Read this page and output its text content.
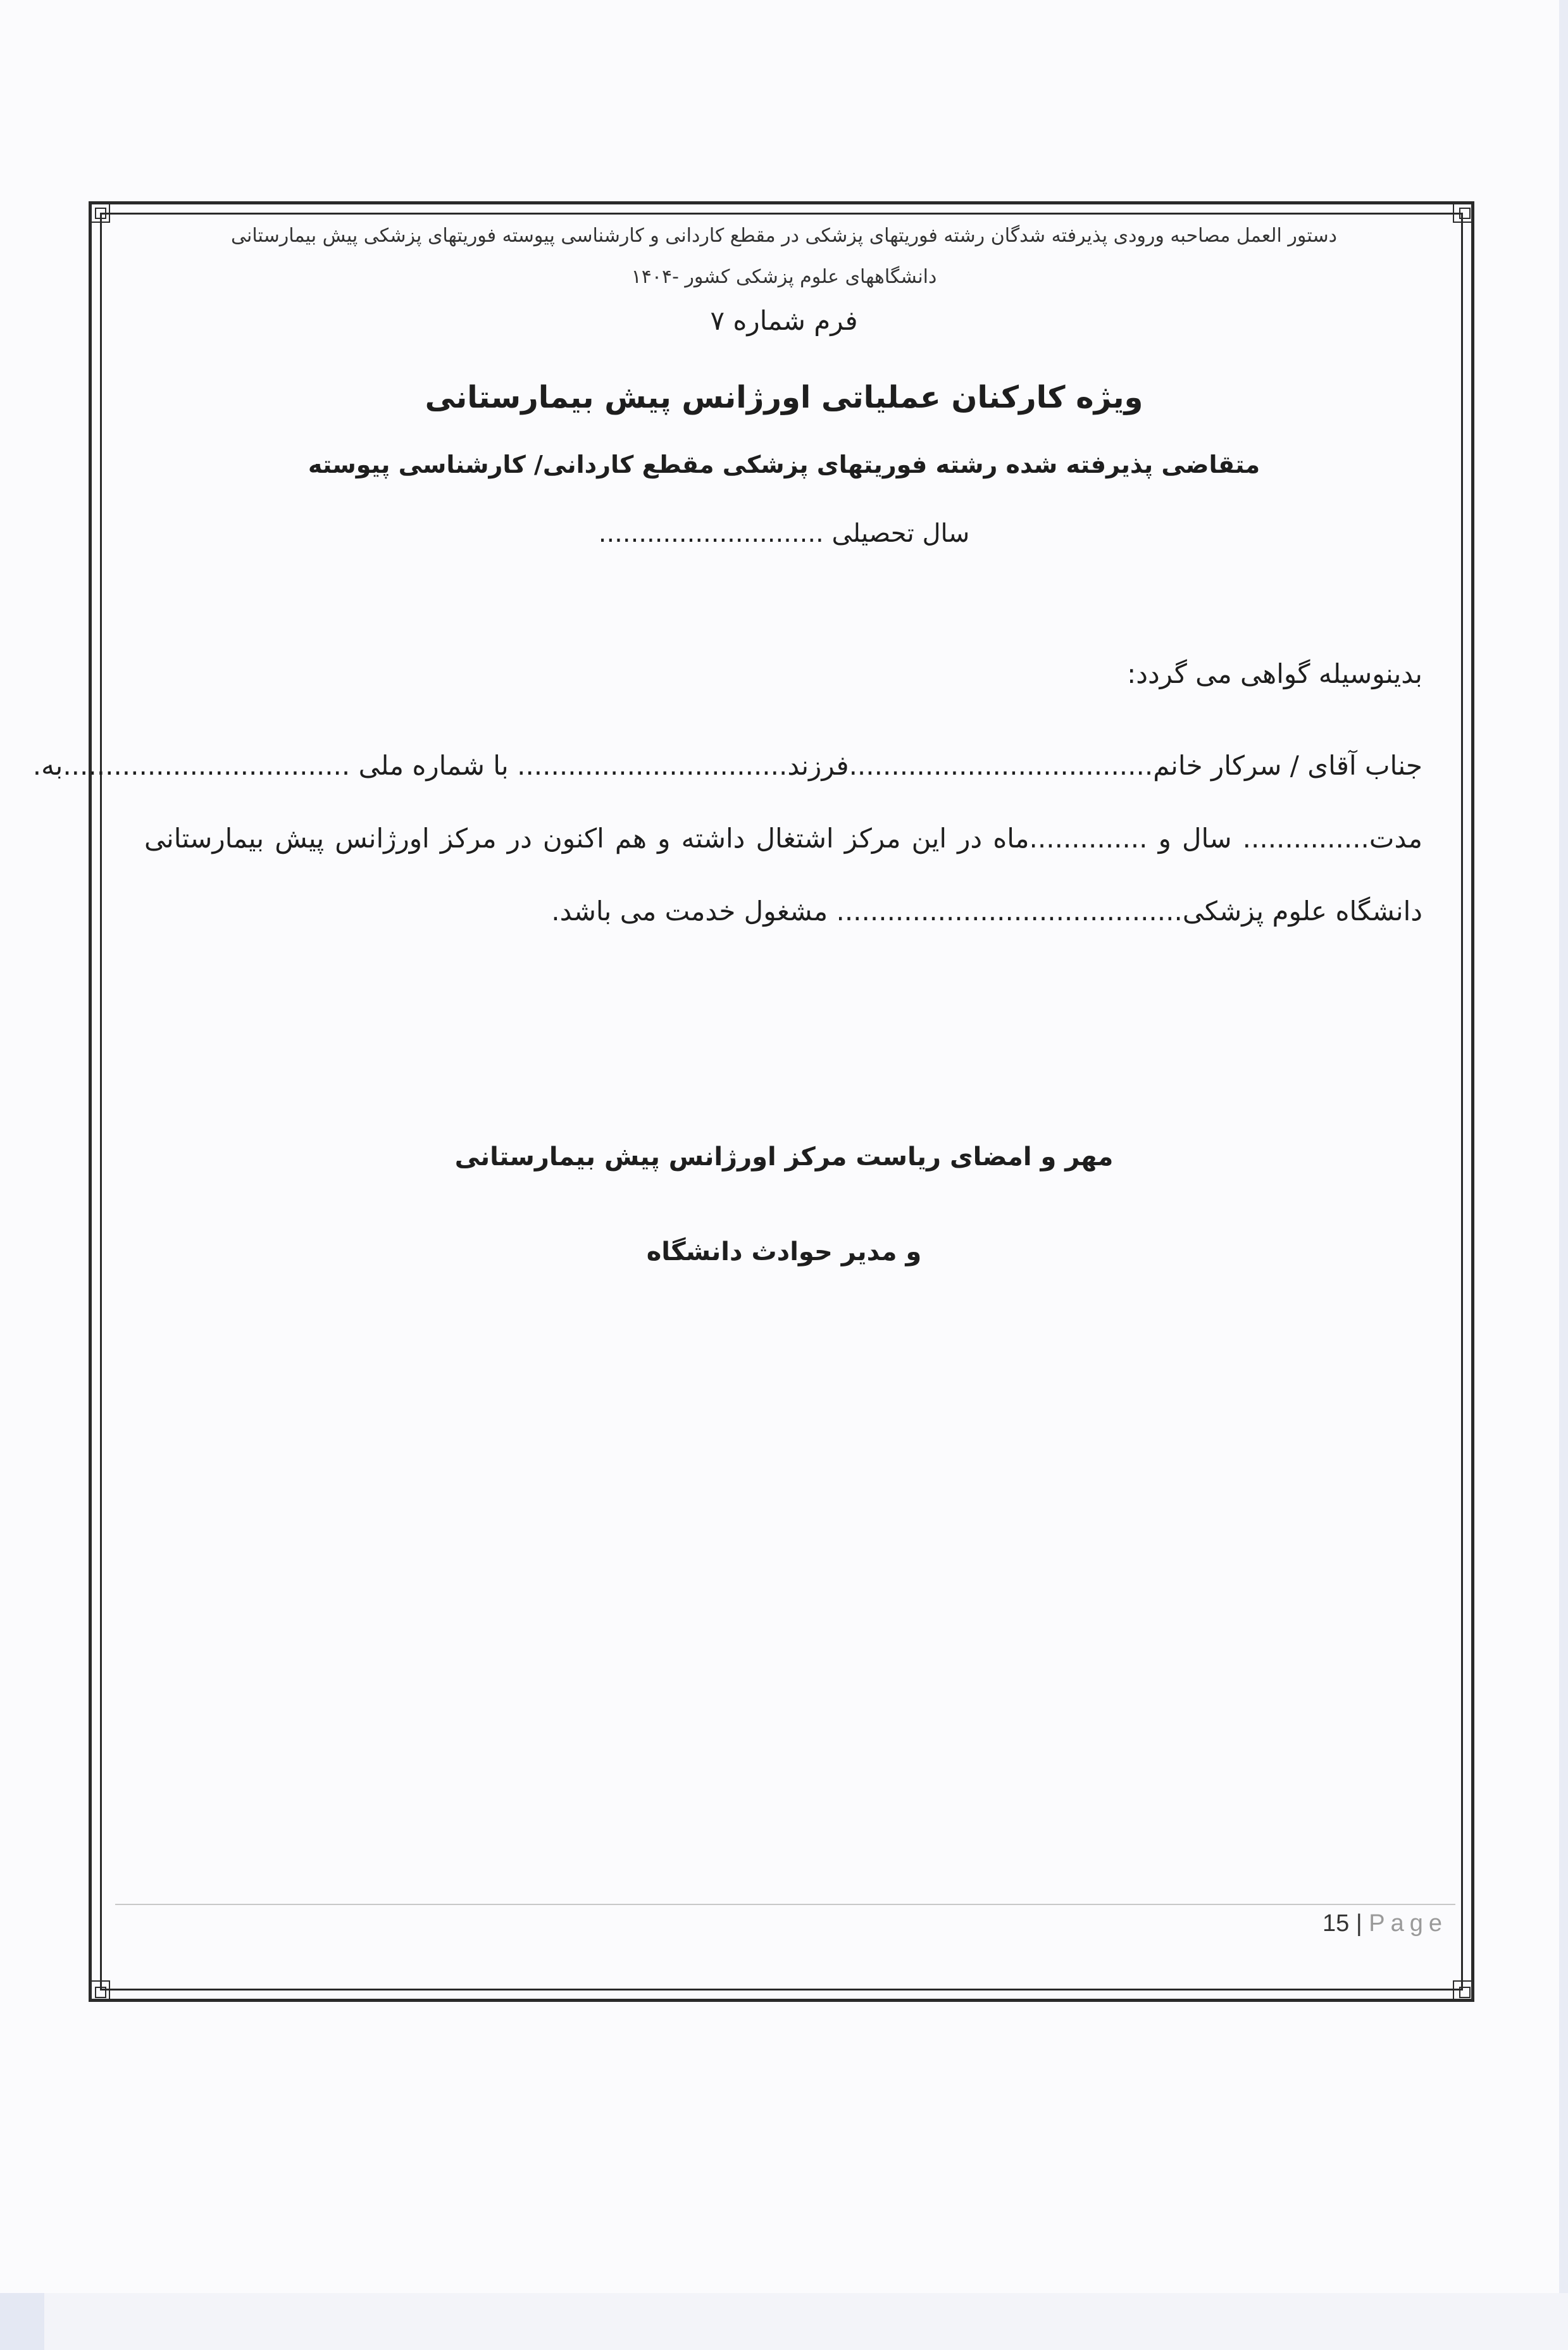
دستور العمل مصاحبه ورودی پذیرفته شدگان رشته فوریتهای پزشکی در مقطع کاردانی و کارشناسی پیوسته فوریتهای پزشکی پیش بیمارستانی
دانشگاههای علوم پزشکی کشور -۱۴۰۴
فرم شماره ۷
ویژه کارکنان عملیاتی اورژانس پیش بیمارستانی
متقاضی پذیرفته شده رشته فوریتهای پزشکی مقطع کاردانی/ کارشناسی پیوسته
سال تحصیلی ............................
بدینوسیله گواهی می گردد:
جناب آقای / سرکار خانم....................................فرزند................................ با شماره ملی ..................................به.
مدت............... سال و ..............ماه در این مرکز اشتغال داشته و هم اکنون در مرکز اورژانس پیش بیمارستانی
دانشگاه علوم پزشکی......................................... مشغول خدمت می باشد.
مهر و امضای ریاست مرکز اورژانس پیش بیمارستانی
و مدیر حوادث دانشگاه
15 | Page
